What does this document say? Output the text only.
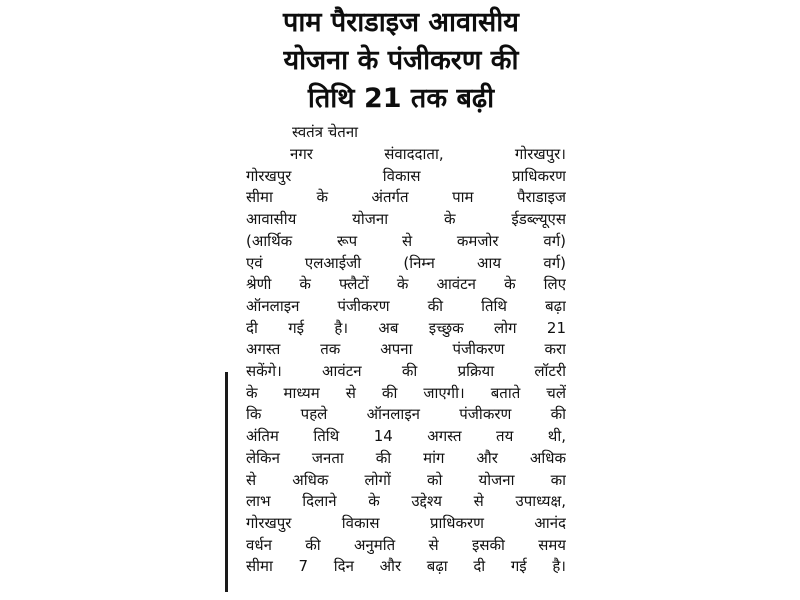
पाम पैराडाइज आवासीय
योजना के पंजीकरण की
तिथि 21 तक बढ़ी
स्वतंत्र चेतना
नगर संवाददाता, गोरखपुर।
गोरखपुर विकास प्राधिकरण
सीमा के अंतर्गत पाम पैराडाइज
आवासीय योजना के ईडब्ल्यूएस
(आर्थिक रूप से कमजोर वर्ग)
एवं एलआईजी (निम्न आय वर्ग)
श्रेणी के फ्लैटों के आवंटन के लिए
ऑनलाइन पंजीकरण की तिथि बढ़ा
दी गई है। अब इच्छुक लोग 21
अगस्त तक अपना पंजीकरण करा
सकेंगे। आवंटन की प्रक्रिया लॉटरी
के माध्यम से की जाएगी। बताते चलें
कि पहले ऑनलाइन पंजीकरण की
अंतिम तिथि 14 अगस्त तय थी,
लेकिन जनता की मांग और अधिक
से अधिक लोगों को योजना का
लाभ दिलाने के उद्देश्य से उपाध्यक्ष,
गोरखपुर विकास प्राधिकरण आनंद
वर्धन की अनुमति से इसकी समय
सीमा 7 दिन और बढ़ा दी गई है।
